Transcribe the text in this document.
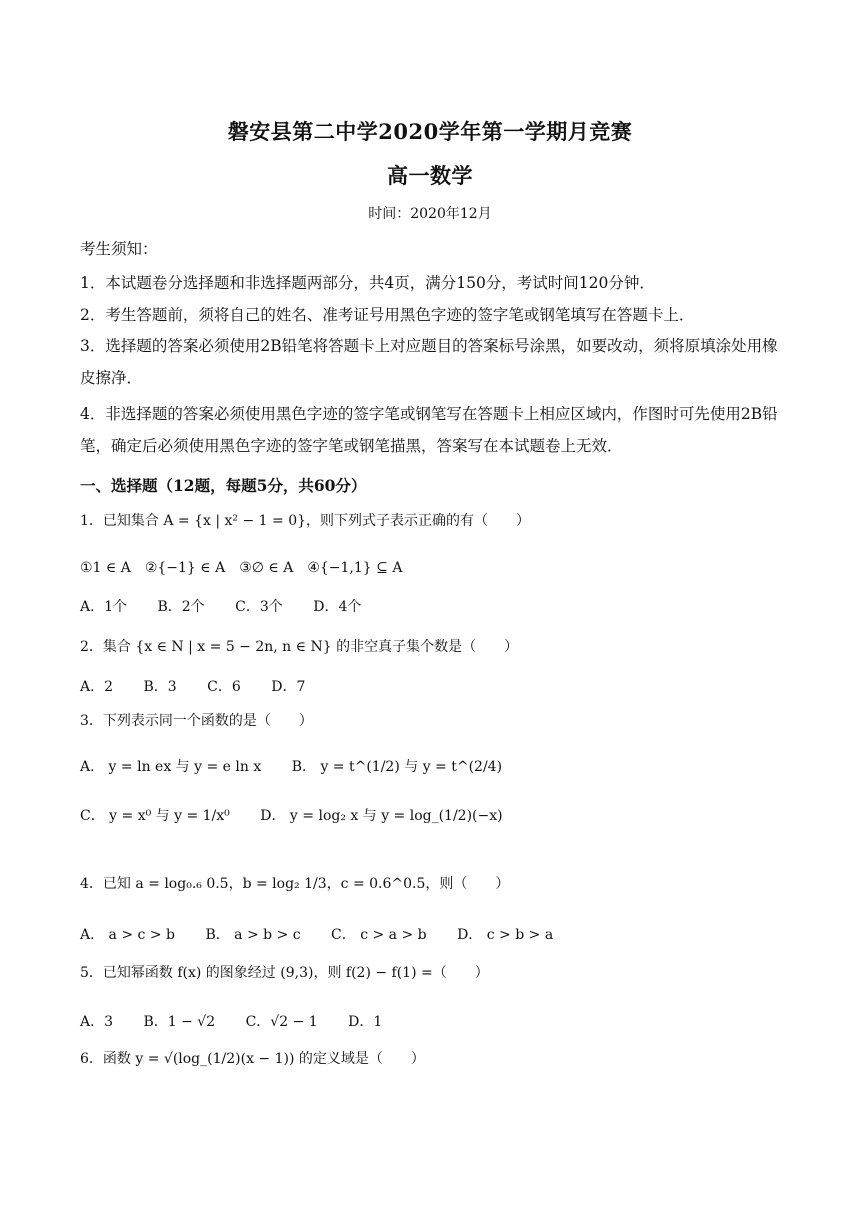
磐安县第二中学2020学年第一学期月竞赛
高一数学
时间：2020年12月
考生须知：
1．本试题卷分选择题和非选择题两部分，共4页，满分150分，考试时间120分钟．
2．考生答题前，须将自己的姓名、准考证号用黑色字迹的签字笔或钢笔填写在答题卡上．
3．选择题的答案必须使用2B铅笔将答题卡上对应题目的答案标号涂黑，如要改动，须将原填涂处用橡皮擦净．
4．非选择题的答案必须使用黑色字迹的签字笔或钢笔写在答题卡上相应区域内，作图时可先使用2B铅笔，确定后必须使用黑色字迹的签字笔或钢笔描黑，答案写在本试题卷上无效．
一、选择题（12题，每题5分，共60分）
1．已知集合 A = {x | x² − 1 = 0}，则下列式子表示正确的有（　　）
①1 ∈ A　②{−1} ∈ A　③∅ ∈ A　④{−1,1} ⊆ A
A．1个 B．2个 C．3个 D．4个
2．集合 {x ∈ N | x = 5 − 2n, n ∈ N} 的非空真子集个数是（　　）
A．2 B．3 C．6 D．7
3．下列表示同一个函数的是（　　）
A． y = ln ex 与 y = e ln x B． y = t^(1/2) 与 y = t^(2/4)
C． y = x⁰ 与 y = 1/x⁰ D． y = log₂ x 与 y = log_(1/2)(−x)
4．已知 a = log₀.₆ 0.5，b = log₂ 1/3，c = 0.6^0.5，则（　　）
A． a > c > b B． a > b > c C． c > a > b D． c > b > a
5．已知幂函数 f(x) 的图象经过 (9,3)，则 f(2) − f(1) =（　　）
A．3 B．1 − √2 C．√2 − 1 D．1
6．函数 y = √(log_(1/2)(x − 1)) 的定义域是（　　）
